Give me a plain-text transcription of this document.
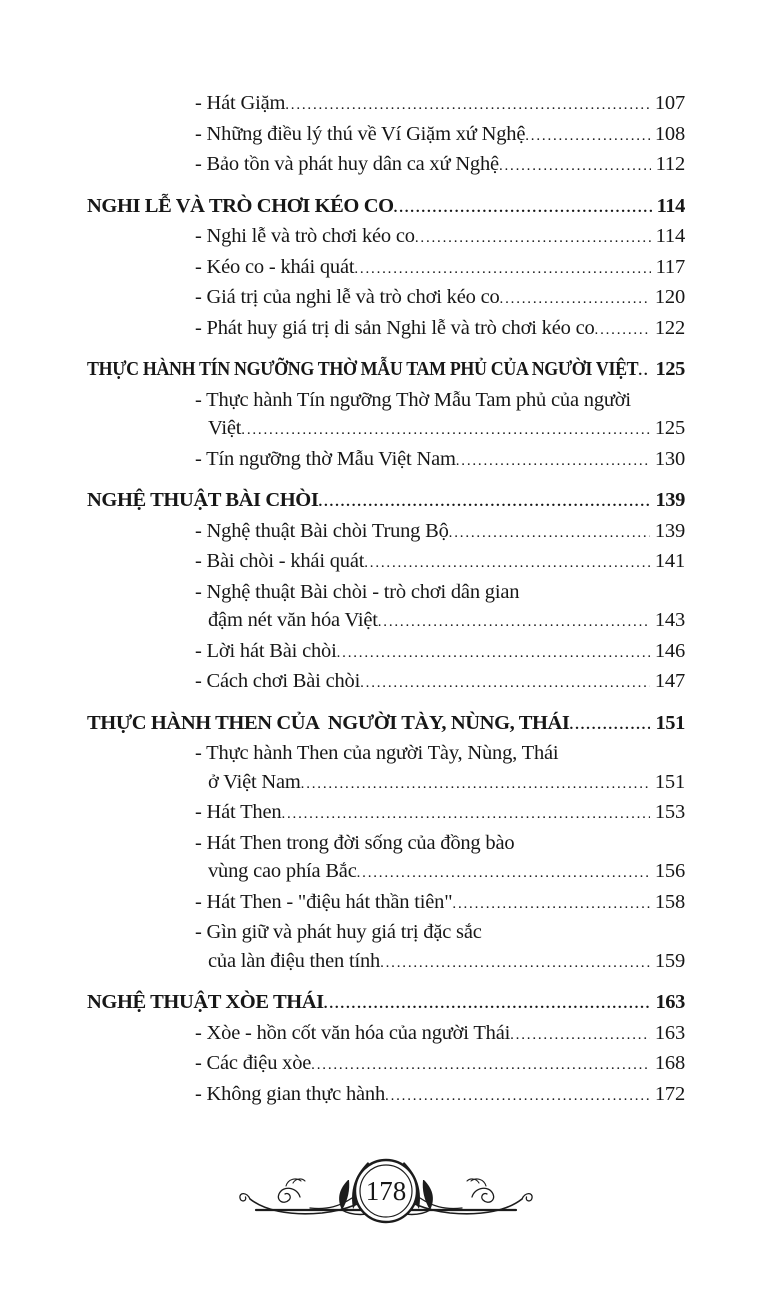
- Hát Giặm .....	107
- Những điều lý thú về Ví Giặm xứ Nghệ .....	108
- Bảo tồn và phát huy dân ca xứ Nghệ .....	112
NGHI LỄ VÀ TRÒ CHƠI KÉO CO .....	114
- Nghi lễ và trò chơi kéo co .....	114
- Kéo co - khái quát .....	117
- Giá trị của nghi lễ và trò chơi kéo co .....	120
- Phát huy giá trị di sản Nghi lễ và trò chơi kéo co .....	122
THỰC HÀNH TÍN NGƯỠNG THỜ MẪU TAM PHỦ CỦA NGƯỜI VIỆT ..... 125
- Thực hành Tín ngưỡng Thờ Mẫu Tam phủ của người
Việt .....	125
- Tín ngưỡng thờ Mẫu Việt Nam .....	130
NGHỆ THUẬT BÀI CHÒI .....	139
- Nghệ thuật Bài chòi Trung Bộ .....	139
- Bài chòi - khái quát .....	141
- Nghệ thuật Bài chòi - trò chơi dân gian
đậm nét văn hóa Việt .....	143
- Lời hát Bài chòi .....	146
- Cách chơi Bài chòi .....	147
THỰC HÀNH THEN CỦA  NGƯỜI TÀY, NÙNG, THÁI .....	151
- Thực hành Then của người Tày, Nùng, Thái
ở Việt Nam .....	151
- Hát Then .....	153
- Hát Then trong đời sống của đồng bào
vùng cao phía Bắc .....	156
- Hát Then - "điệu hát thần tiên" .....	158
- Gìn giữ và phát huy giá trị đặc sắc
của làn điệu then tính .....	159
NGHỆ THUẬT XÒE THÁI .....	163
- Xòe - hồn cốt văn hóa của người Thái .....	163
- Các điệu xòe .....	168
- Không gian thực hành .....	172
178
